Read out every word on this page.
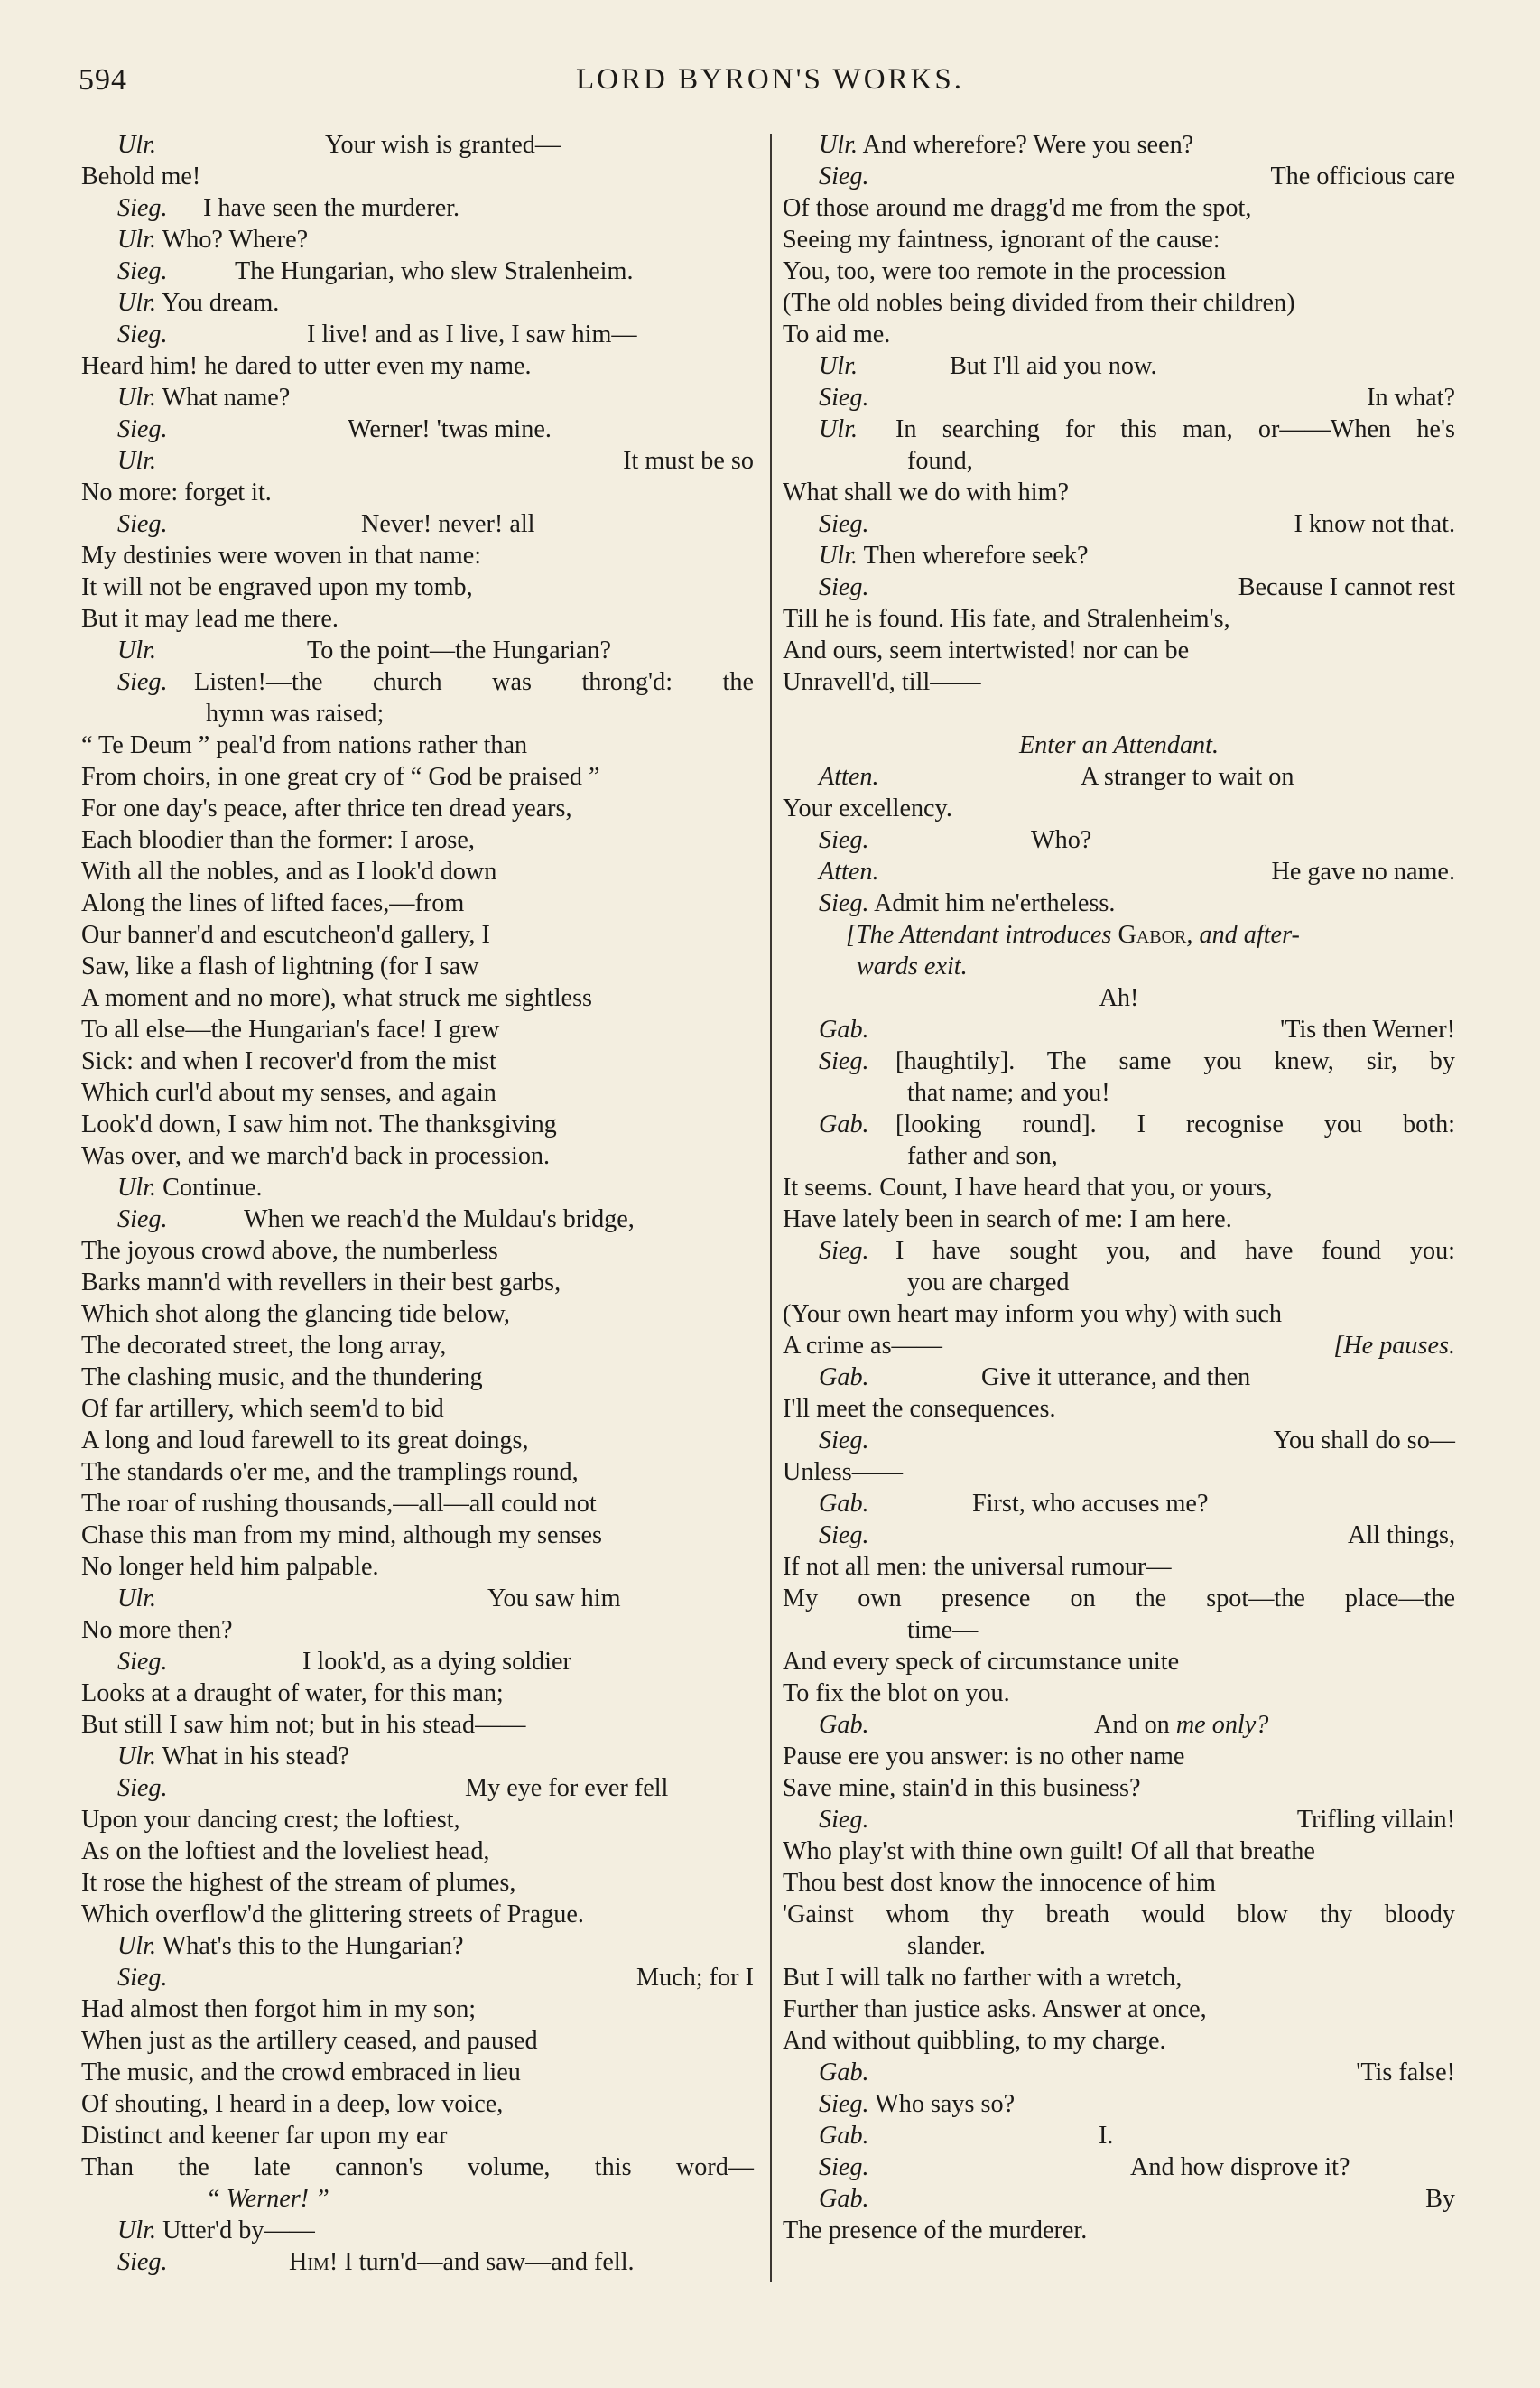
LORD BYRON'S WORKS.
594
Ulr.	Your wish is granted—
Behold me!
Sieg. I have seen the murderer.
Ulr. Who? Where?
Sieg.	The Hungarian, who slew Stralenheim.
Ulr. You dream.
Sieg.	I live! and as I live, I saw him—
Heard him! he dared to utter even my name.
Ulr. What name?
Sieg.	Werner! 'twas mine.
Ulr.	It must be so
No more: forget it.
Sieg.	Never! never! all
My destinies were woven in that name:
It will not be engraved upon my tomb,
But it may lead me there.
Ulr.	To the point—the Hungarian?
Sieg. Listen!—the church was throng'd: the
hymn was raised;
“ Te Deum ” peal'd from nations rather than
From choirs, in one great cry of “ God be praised ”
For one day's peace, after thrice ten dread years,
Each bloodier than the former: I arose,
With all the nobles, and as I look'd down
Along the lines of lifted faces,—from
Our banner'd and escutcheon'd gallery, I
Saw, like a flash of lightning (for I saw
A moment and no more), what struck me sightless
To all else—the Hungarian's face! I grew
Sick: and when I recover'd from the mist
Which curl'd about my senses, and again
Look'd down, I saw him not. The thanksgiving
Was over, and we march'd back in procession.
Ulr. Continue.
Sieg.	When we reach'd the Muldau's bridge,
The joyous crowd above, the numberless
Barks mann'd with revellers in their best garbs,
Which shot along the glancing tide below,
The decorated street, the long array,
The clashing music, and the thundering
Of far artillery, which seem'd to bid
A long and loud farewell to its great doings,
The standards o'er me, and the tramplings round,
The roar of rushing thousands,—all—all could not
Chase this man from my mind, although my senses
No longer held him palpable.
Ulr.	You saw him
No more then?
Sieg.	I look'd, as a dying soldier
Looks at a draught of water, for this man;
But still I saw him not; but in his stead——
Ulr. What in his stead?
Sieg.	My eye for ever fell
Upon your dancing crest; the loftiest,
As on the loftiest and the loveliest head,
It rose the highest of the stream of plumes,
Which overflow'd the glittering streets of Prague.
Ulr. What's this to the Hungarian?
Sieg.	Much; for I
Had almost then forgot him in my son;
When just as the artillery ceased, and paused
The music, and the crowd embraced in lieu
Of shouting, I heard in a deep, low voice,
Distinct and keener far upon my ear
Than the late cannon's volume, this word—
“ Werner! ”
Ulr. Utter'd by——
Sieg.	Him! I turn'd—and saw—and fell.
Ulr. And wherefore? Were you seen?
Sieg.	The officious care
Of those around me dragg'd me from the spot,
Seeing my faintness, ignorant of the cause:
You, too, were too remote in the procession
(The old nobles being divided from their children)
To aid me.
Ulr.	But I'll aid you now.
Sieg.	In what?
Ulr. In searching for this man, or——When he's
found,
What shall we do with him?
Sieg.	I know not that.
Ulr. Then wherefore seek?
Sieg.	Because I cannot rest
Till he is found. His fate, and Stralenheim's,
And ours, seem intertwisted! nor can be
Unravell'd, till——
Enter an Attendant.
Atten.	A stranger to wait on
Your excellency.
Sieg.	Who?
Atten.	He gave no name.
Sieg. Admit him ne'ertheless.
[The Attendant introduces Gabor, and after-
wards exit.
Ah!
Gab.	'Tis then Werner!
Sieg. [haughtily]. The same you knew, sir, by
that name; and you!
Gab. [looking round]. I recognise you both:
father and son,
It seems. Count, I have heard that you, or yours,
Have lately been in search of me: I am here.
Sieg. I have sought you, and have found you:
you are charged
(Your own heart may inform you why) with such
A crime as——	[He pauses.
Gab.	Give it utterance, and then
I'll meet the consequences.
Sieg.	You shall do so—
Unless——
Gab.	First, who accuses me?
Sieg.	All things,
If not all men: the universal rumour—
My own presence on the spot—the place—the
time—
And every speck of circumstance unite
To fix the blot on you.
Gab.	And on me only?
Pause ere you answer: is no other name
Save mine, stain'd in this business?
Sieg.	Trifling villain!
Who play'st with thine own guilt! Of all that breathe
Thou best dost know the innocence of him
'Gainst whom thy breath would blow thy bloody
slander.
But I will talk no farther with a wretch,
Further than justice asks. Answer at once,
And without quibbling, to my charge.
Gab.	'Tis false!
Sieg. Who says so?
Gab.	I.
Sieg.	And how disprove it?
Gab.	By
The presence of the murderer.
